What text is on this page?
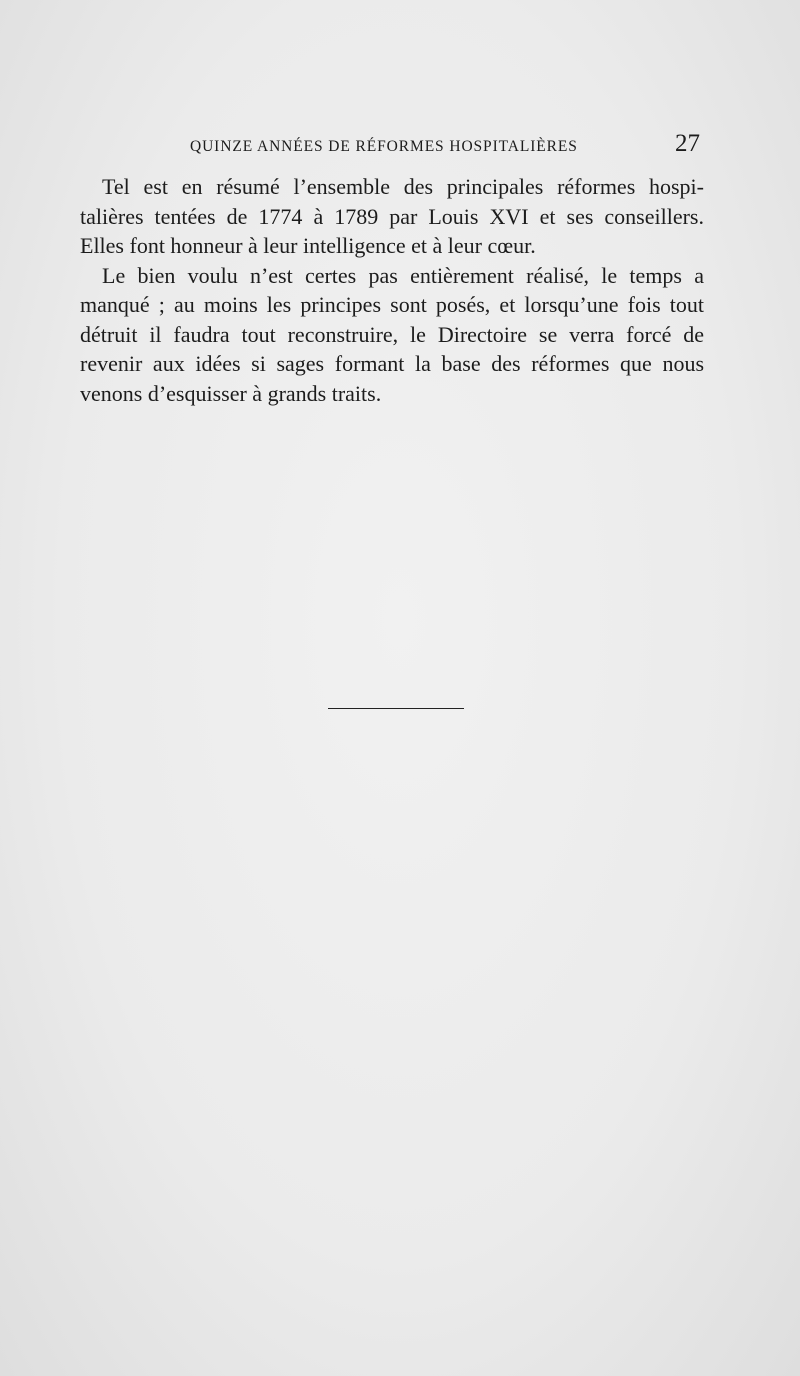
QUINZE ANNÉES DE RÉFORMES HOSPITALIÈRES	27

Tel est en résumé l’ensemble des principales réformes hospi-
talières tentées de 1774 à 1789 par Louis XVI et ses conseillers.
Elles font honneur à leur intelligence et à leur cœur.

Le bien voulu n’est certes pas entièrement réalisé, le temps a
manqué ; au moins les principes sont posés, et lorsqu’une fois tout
détruit il faudra tout reconstruire, le Directoire se verra forcé de
revenir aux idées si sages formant la base des réformes que nous
venons d’esquisser à grands traits.
